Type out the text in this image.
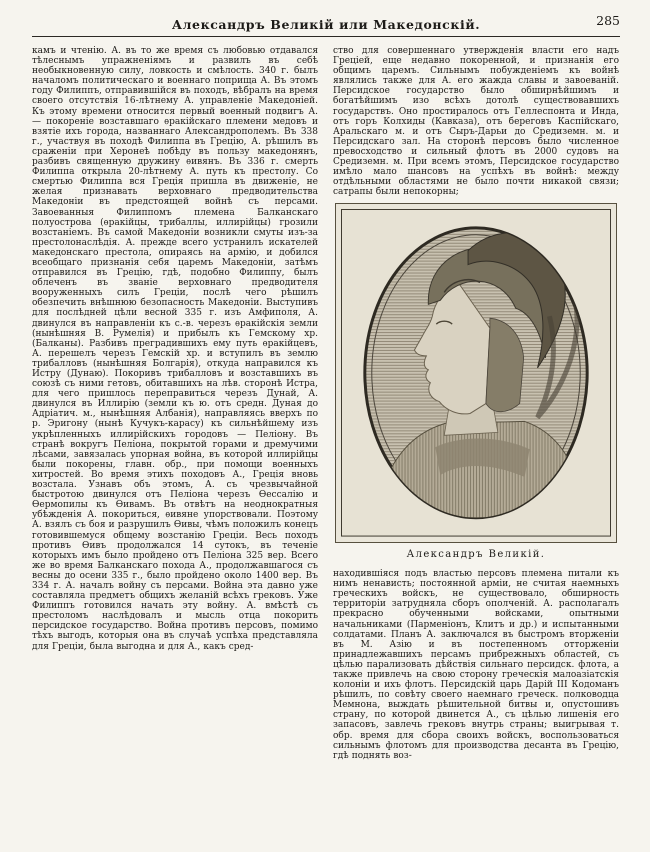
Александръ Великій или Македонскій.	285

камъ и чтенію. А. въ то же время съ любовью отдавался тѣлеснымъ упражненіямъ и развилъ въ себѣ необыкновенную силу, ловкость и смѣлость. 340 г. былъ началомъ политическаго и военнаго поприща А. Въ этомъ году Филиппъ, отправившійся въ походъ, вѣбралъ на время своего отсутствія 16-лѣтнему А. управленіе Македоніей. Къ этому времени относится первый военный подвигъ А. — покореніе возставшаго ѳракійскаго племени медовъ и взятіе ихъ города, названнаго Александрополемъ. Въ 338 г., участвуя въ походѣ Филиппа въ Грецію, А. рѣшилъ въ сраженіи при Херонеѣ побѣду въ пользу македонянъ, разбивъ священную дружину ѳивянъ. Въ 336 г. смерть Филиппа открыла 20-лѣтнему А. путь къ престолу. Со смертью Филиппа вся Греція пришла въ движеніе, не желая признавать верховнаго предводительства Македоніи въ предстоящей войнѣ съ персами. Завоеванныя Филиппомъ племена Балканскаго полуострова (ѳракійцы, трибаллы, иллирійцы) грозили возстаніемъ. Въ самой Македоніи возникли смуты изъ-за престолонаслѣдія. А. прежде всего устранилъ искателей македонскаго престола, опираясь на армію, и добился всеобщаго признанія себя царемъ Македоніи, затѣмъ отправился въ Грецію, гдѣ, подобно Филиппу, былъ облеченъ въ званіе верховнаго предводителя вооруженныхъ силъ Греціи, послѣ чего рѣшилъ обезпечить внѣшнюю безопасность Македоніи. Выступивъ для послѣдней цѣли весной 335 г. изъ Амфиполя, А. двинулся въ направленіи къ с.-в. черезъ ѳракійскія земли (нынѣшняя В. Румелія) и прибылъ къ Гемскому хр. (Балканы). Разбивъ преградившихъ ему путь ѳракійцевъ, А. перешелъ черезъ Гемскій хр. и вступилъ въ землю трибалловъ (нынѣшняя Болгарія), откуда направился къ Истру (Дунаю). Покоривъ трибалловъ и возставшихъ въ союзѣ съ ними гетовъ, обитавшихъ на лѣв. сторонѣ Истра, для чего пришлось переправиться черезъ Дунай, А. двинулся въ Иллирію (земли къ ю. отъ средн. Дуная до Адріатич. м., нынѣшняя Албанія), направляясь вверхъ по р. Эригону (нынѣ Кучукъ-карасу) къ сильнѣйшему изъ укрѣпленныхъ иллирійскихъ городовъ — Пеліону. Въ странѣ вокругъ Пеліона, покрытой горами и дремучими лѣсами, завязалась упорная война, въ которой иллирійцы были покорены, главн. обр., при помощи военныхъ хитростей. Во время этихъ походовъ А., Греція вновь возстала. Узнавъ объ этомъ, А. съ чрезвычайной быстротою двинулся отъ Пеліона черезъ Ѳессалію и Ѳермопилы къ Ѳивамъ. Въ отвѣтъ на неоднократныя убѣжденія А. покориться, ѳивяне упорствовали. Поэтому А. взялъ съ боя и разрушилъ Ѳивы, чѣмъ положилъ конецъ готовившемуся общему возстанію Греціи. Весь походъ противъ Ѳивъ продолжался 14 сутокъ, въ теченіе которыхъ имъ было пройдено отъ Пеліона 325 вер. Всего же во время Балканскаго похода А., продолжавшагося съ весны до осени 335 г., было пройдено около 1400 вер. Въ 334 г. А. началъ войну съ персами. Война эта давно уже составляла предметъ общихъ желаній всѣхъ грековъ. Уже Филиппъ готовился начать эту войну. А. вмѣстѣ съ престоломъ наслѣдовалъ и мысль отца покорить персидское государство. Война противъ персовъ, помимо тѣхъ выгодъ, которыя она въ случаѣ успѣха представляла для Греціи, была выгодна и для А., какъ сред-

ство для совершеннаго утвержденія власти его надъ Греціей, еще недавно покоренной, и признанія его общимъ царемъ. Сильнымъ побужденіемъ къ войнѣ являлись также для А. его жажда славы и завоеваній. Персидское государство было обширнѣйшимъ и богатѣйшимъ изо всѣхъ дотолѣ существовавшихъ государствъ. Оно простиралось отъ Геллеспонта и Инда, отъ горъ Колхиды (Кавказа), отъ береговъ Каспійскаго, Аральскаго м. и отъ Сыръ-Дарьи до Средиземн. м. и Персидскаго зал. На сторонѣ персовъ было численное превосходство и сильный флотъ въ 2000 судовъ на Средиземн. м. При всемъ этомъ, Персидское государство имѣло мало шансовъ на успѣхъ въ войнѣ: между отдѣльными областями не было почти никакой связи; сатрапы были непокорны;

Александръ Великій.

находившіяся подъ властью персовъ племена питали къ нимъ ненависть; постоянной арміи, не считая наемныхъ греческихъ войскъ, не существовало, обширность территоріи затрудняла сборъ ополченій. А. располагалъ прекрасно обученными войсками, опытными начальниками (Парменіонъ, Клитъ и др.) и испытанными солдатами. Планъ А. заключался въ быстромъ вторженіи въ М. Азію и въ постепенномъ отторженіи принадлежавшихъ персамъ прибрежныхъ областей, съ цѣлью парализовать дѣйствія сильнаго персидск. флота, а также привлечь на свою сторону греческія малоазіатскія колоніи и ихъ флотъ. Персидскій царь Дарій III Кодоманъ рѣшилъ, по совѣту своего наемнаго греческ. полководца Мемнона, выждать рѣшительной битвы и, опустошивъ страну, по которой двинется А., съ цѣлью лишенія его запасовъ, завлечь грековъ внутрь страны; выигрывая т. обр. время для сбора своихъ войскъ, воспользоваться сильнымъ флотомъ для производства десанта въ Грецію, гдѣ поднять воз-
